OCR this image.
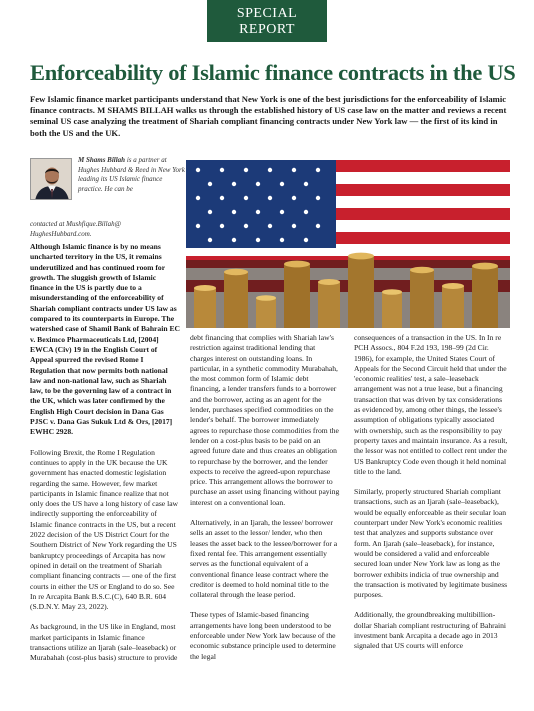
SPECIAL
REPORT
Enforceability of Islamic finance contracts in the US

Few Islamic finance market participants understand that New York is one of the best jurisdictions for the enforceability of Islamic finance contracts. M SHAMS BILLAH walks us through the established history of US case law on the matter and reviews a recent seminal US case analyzing the treatment of Shariah compliant financing contracts under New York law — the first of its kind in both the US and the UK.

M Shams Billah is a partner at Hughes Hubbard & Reed in New York leading its US Islamic finance practice. He can be
contacted at Mushfique.Billah@ HughesHubbard.com.

Although Islamic finance is by no means uncharted territory in the US, it remains underutilized and has continued room for growth. The sluggish growth of Islamic finance in the US is partly due to a misunderstanding of the enforceability of Shariah compliant contracts under US law as compared to its counterparts in Europe. The watershed case of Shamil Bank of Bahrain EC v. Beximco Pharmaceuticals Ltd, [2004] EWCA (Civ) 19 in the English Court of Appeal spurred the revised Rome I Regulation that now permits both national law and non-national law, such as Shariah law, to be the governing law of a contract in the UK, which was later confirmed by the English High Court decision in Dana Gas PJSC v. Dana Gas Sukuk Ltd & Ors, [2017] EWHC 2928.

Following Brexit, the Rome I Regulation continues to apply in the UK because the UK government has enacted domestic legislation regarding the same. However, few market participants in Islamic finance realize that not only does the US have a long history of case law indirectly supporting the enforceability of Islamic finance contracts in the US, but a recent 2022 decision of the US District Court for the Southern District of New York regarding the US bankruptcy proceedings of Arcapita has now opined in detail on the treatment of Shariah compliant financing contracts — one of the first courts in either the US or England to do so. See In re Arcapita Bank B.S.C.(C), 640 B.R. 604 (S.D.N.Y. May 23, 2022).

As background, in the US like in England, most market participants in Islamic finance transactions utilize an Ijarah (sale–leaseback) or Murabahah (cost-plus basis) structure to provide

debt financing that complies with Shariah law's restriction against traditional lending that charges interest on outstanding loans. In particular, in a synthetic commodity Murabahah, the most common form of Islamic debt financing, a lender transfers funds to a borrower and the borrower, acting as an agent for the lender, purchases specified commodities on the lender's behalf. The borrower immediately agrees to repurchase those commodities from the lender on a cost-plus basis to be paid on an agreed future date and thus creates an obligation to repurchase by the borrower, and the lender expects to receive the agreed-upon repurchase price. This arrangement allows the borrower to purchase an asset using financing without paying interest on a conventional loan.

Alternatively, in an Ijarah, the lessee/ borrower sells an asset to the lessor/ lender, who then leases the asset back to the lessee/borrower for a fixed rental fee. This arrangement essentially serves as the functional equivalent of a conventional finance lease contract where the creditor is deemed to hold nominal title to the collateral through the lease period.

These types of Islamic-based financing arrangements have long been understood to be enforceable under New York law because of the economic substance principle used to determine the legal

consequences of a transaction in the US. In In re PCH Assocs., 804 F.2d 193, 198–99 (2d Cir. 1986), for example, the United States Court of Appeals for the Second Circuit held that under the 'economic realities' test, a sale–leaseback arrangement was not a true lease, but a financing transaction that was driven by tax considerations as evidenced by, among other things, the lessee's assumption of obligations typically associated with ownership, such as the responsibility to pay property taxes and maintain insurance. As a result, the lessor was not entitled to collect rent under the US Bankruptcy Code even though it held nominal title to the land.

Similarly, properly structured Shariah compliant transactions, such as an Ijarah (sale–leaseback), would be equally enforceable as their secular loan counterpart under New York's economic realities test that analyzes and supports substance over form. An Ijarah (sale–leaseback), for instance, would be considered a valid and enforceable secured loan under New York law as long as the borrower exhibits indicia of true ownership and the transaction is motivated by legitimate business purposes.

Additionally, the groundbreaking multibillion-dollar Shariah compliant restructuring of Bahraini investment bank Arcapita a decade ago in 2013 signaled that US courts will enforce
